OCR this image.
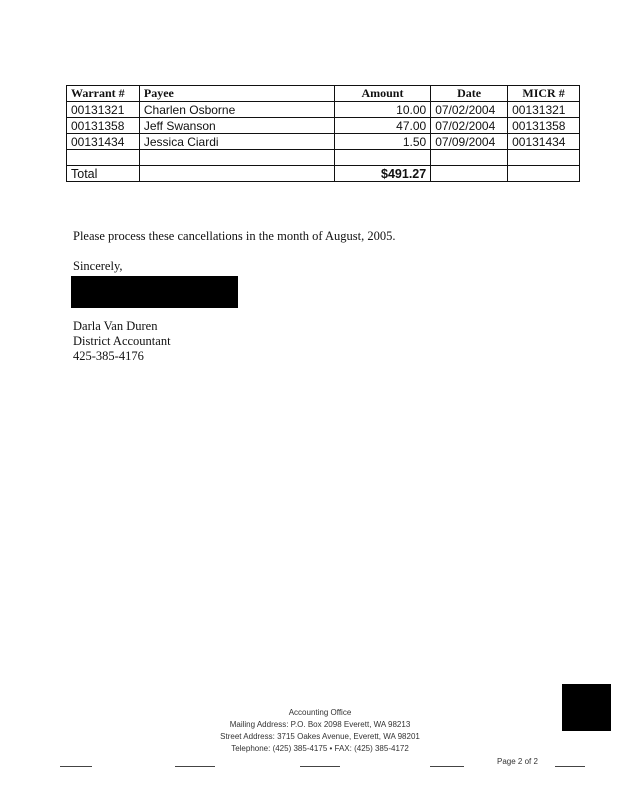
Warrant #	Payee	Amount	Date	MICR #
00131321	Charlen Osborne	10.00	07/02/2004	00131321
00131358	Jeff Swanson	47.00	07/02/2004	00131358
00131434	Jessica Ciardi	1.50	07/09/2004	00131434

Total		$491.27		
Please process these cancellations in the month of August, 2005.
Sincerely,
Darla Van Duren
District Accountant
425-385-4176
Accounting Office
Mailing Address: P.O. Box 2098 Everett, WA 98213
Street Address: 3715 Oakes Avenue, Everett, WA 98201
Telephone: (425) 385-4175 • FAX: (425) 385-4172
Page 2 of 2
